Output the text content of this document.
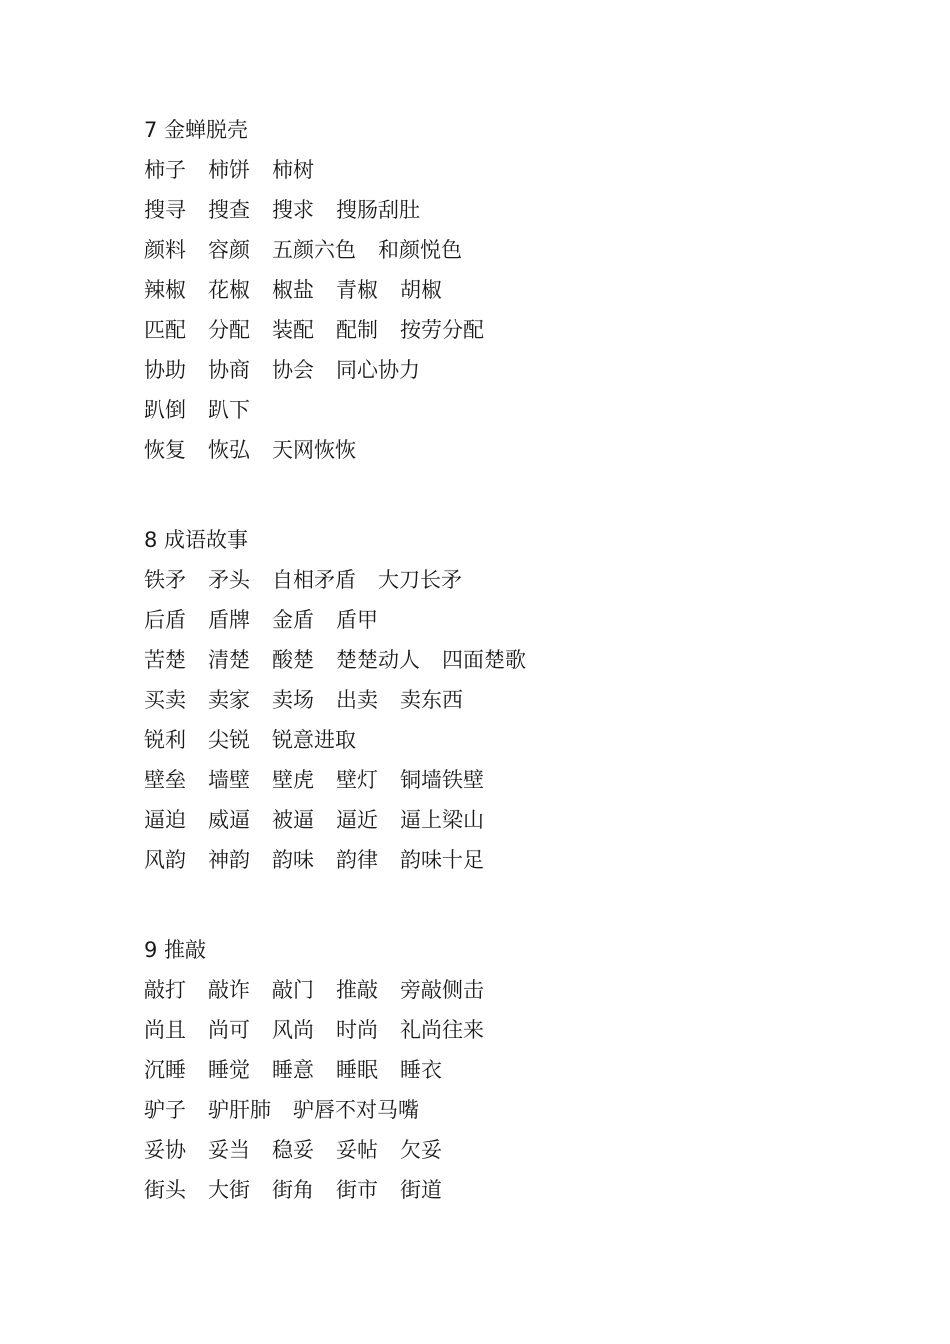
7 金蝉脱壳
柿子 柿饼 柿树
搜寻 搜查 搜求 搜肠刮肚
颜料 容颜 五颜六色 和颜悦色
辣椒 花椒 椒盐 青椒 胡椒
匹配 分配 装配 配制 按劳分配
协助 协商 协会 同心协力
趴倒 趴下
恢复 恢弘 天网恢恢
8 成语故事
铁矛 矛头 自相矛盾 大刀长矛
后盾 盾牌 金盾 盾甲
苦楚 清楚 酸楚 楚楚动人 四面楚歌
买卖 卖家 卖场 出卖 卖东西
锐利 尖锐 锐意进取
壁垒 墙壁 壁虎 壁灯 铜墙铁壁
逼迫 威逼 被逼 逼近 逼上梁山
风韵 神韵 韵味 韵律 韵味十足
9 推敲
敲打 敲诈 敲门 推敲 旁敲侧击
尚且 尚可 风尚 时尚 礼尚往来
沉睡 睡觉 睡意 睡眠 睡衣
驴子 驴肝肺 驴唇不对马嘴
妥协 妥当 稳妥 妥帖 欠妥
街头 大街 街角 街市 街道
